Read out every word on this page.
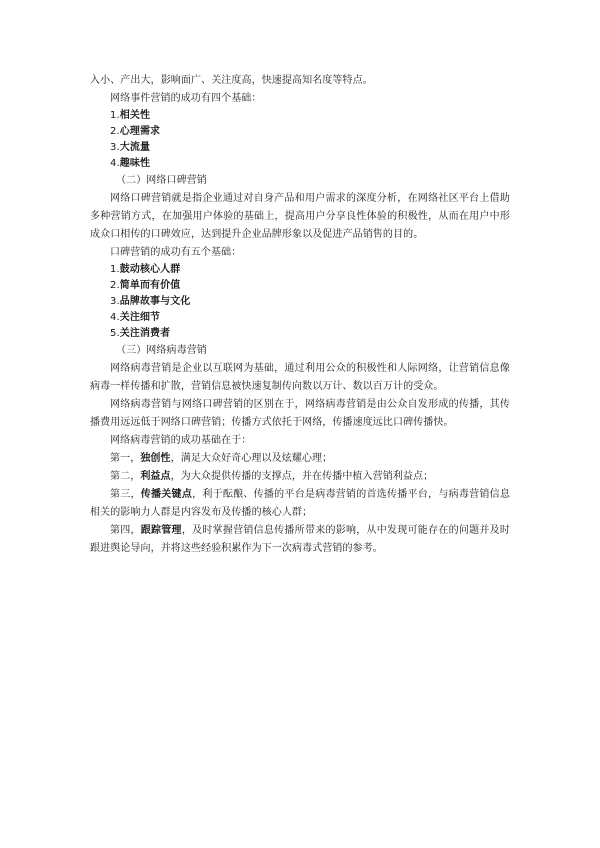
入小、产出大，影响面广、关注度高，快速提高知名度等特点。
网络事件营销的成功有四个基础：
1.相关性
2.心理需求
3.大流量
4.趣味性
（二）网络口碑营销
网络口碑营销就是指企业通过对自身产品和用户需求的深度分析，在网络社区平台上借助多种营销方式，在加强用户体验的基础上，提高用户分享良性体验的积极性，从而在用户中形成众口相传的口碑效应，达到提升企业品牌形象以及促进产品销售的目的。
口碑营销的成功有五个基础：
1.鼓动核心人群
2.简单而有价值
3.品牌故事与文化
4.关注细节
5.关注消费者
（三）网络病毒营销
网络病毒营销是企业以互联网为基础，通过利用公众的积极性和人际网络，让营销信息像病毒一样传播和扩散，营销信息被快速复制传向数以万计、数以百万计的受众。
网络病毒营销与网络口碑营销的区别在于，网络病毒营销是由公众自发形成的传播，其传播费用远远低于网络口碑营销；传播方式依托于网络，传播速度远比口碑传播快。
网络病毒营销的成功基础在于：
第一，独创性，满足大众好奇心理以及炫耀心理；
第二，利益点，为大众提供传播的支撑点，并在传播中植入营销利益点；
第三，传播关键点，利于酝酿、传播的平台是病毒营销的首选传播平台，与病毒营销信息相关的影响力人群是内容发布及传播的核心人群；
第四，跟踪管理，及时掌握营销信息传播所带来的影响，从中发现可能存在的问题并及时跟进舆论导向，并将这些经验积累作为下一次病毒式营销的参考。
